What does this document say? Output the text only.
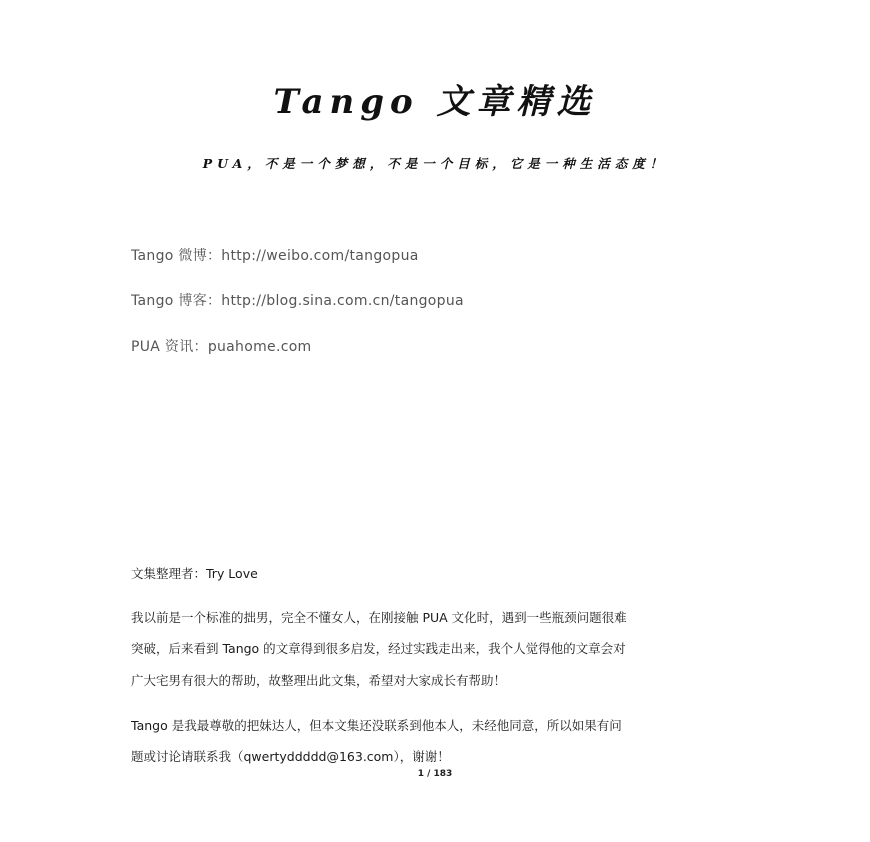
Tango 文章精选
PUA，不是一个梦想，不是一个目标，它是一种生活态度！
Tango 微博：http://weibo.com/tangopua
Tango 博客：http://blog.sina.com.cn/tangopua
PUA 资讯：puahome.com
文集整理者：Try Love
我以前是一个标准的拙男，完全不懂女人，在刚接触 PUA 文化时，遇到一些瓶颈问题很难
突破，后来看到 Tango 的文章得到很多启发，经过实践走出来，我个人觉得他的文章会对
广大宅男有很大的帮助，故整理出此文集，希望对大家成长有帮助！
Tango 是我最尊敬的把妹达人，但本文集还没联系到他本人，未经他同意，所以如果有问
题或讨论请联系我（qwertyddddd@163.com），谢谢！
1 / 183
